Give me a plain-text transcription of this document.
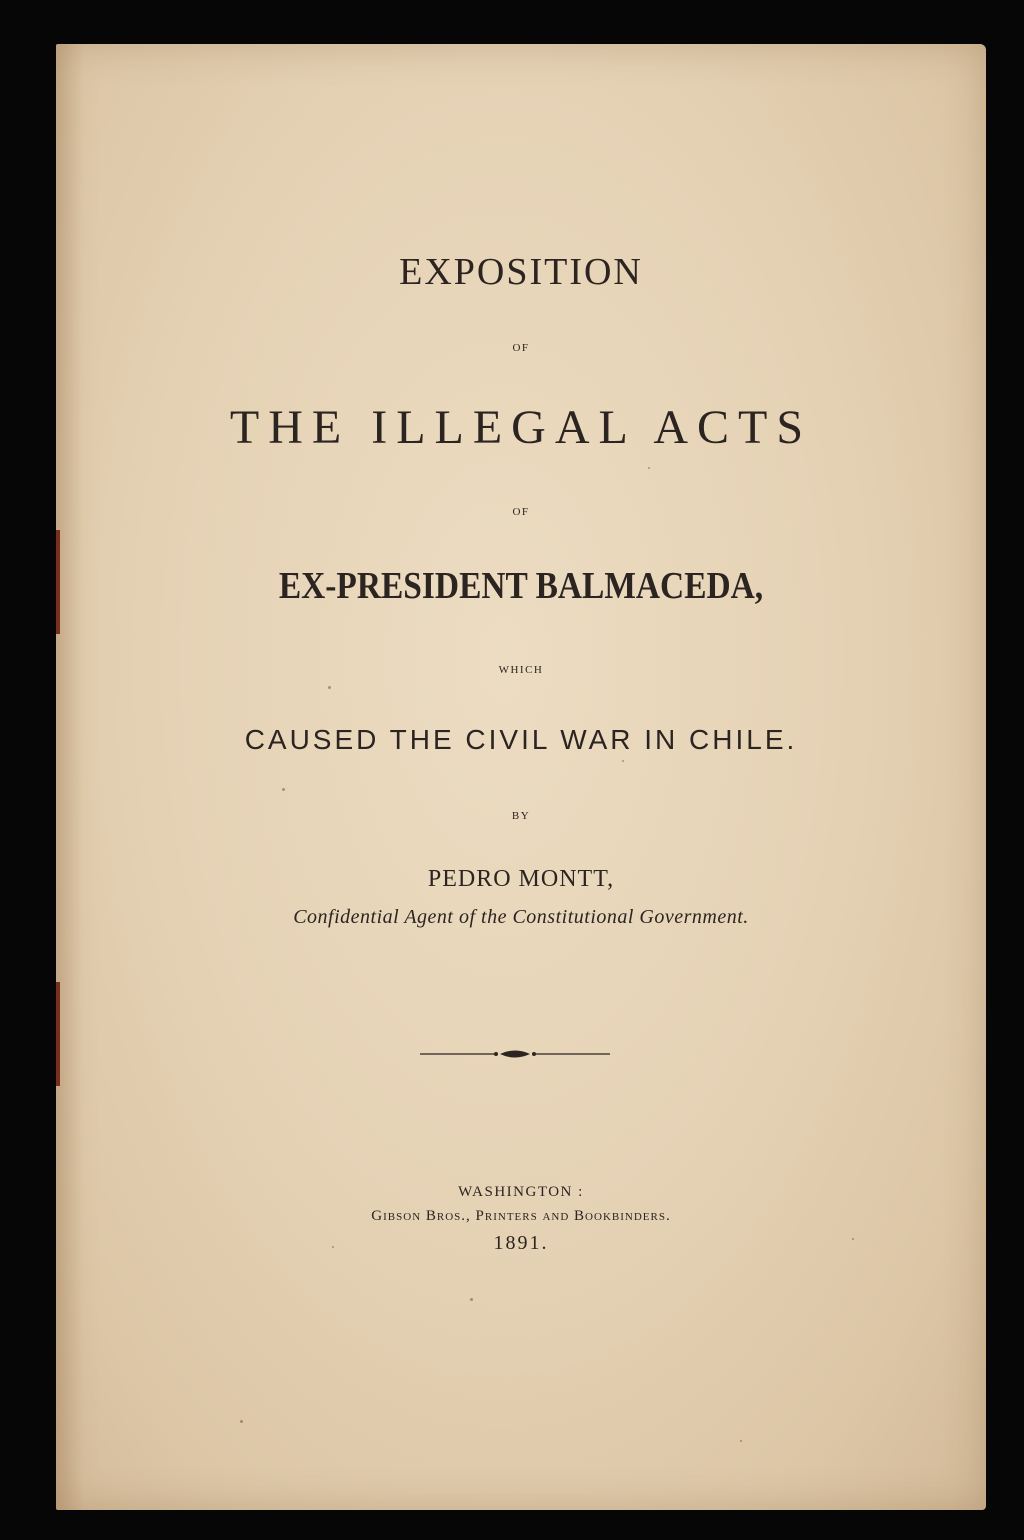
EXPOSITION
OF
THE ILLEGAL ACTS
OF
EX-PRESIDENT BALMACEDA,
WHICH
CAUSED THE CIVIL WAR IN CHILE.
BY
PEDRO MONTT,
Confidential Agent of the Constitutional Government.
WASHINGTON :
Gibson Bros., Printers and Bookbinders.
1891.
